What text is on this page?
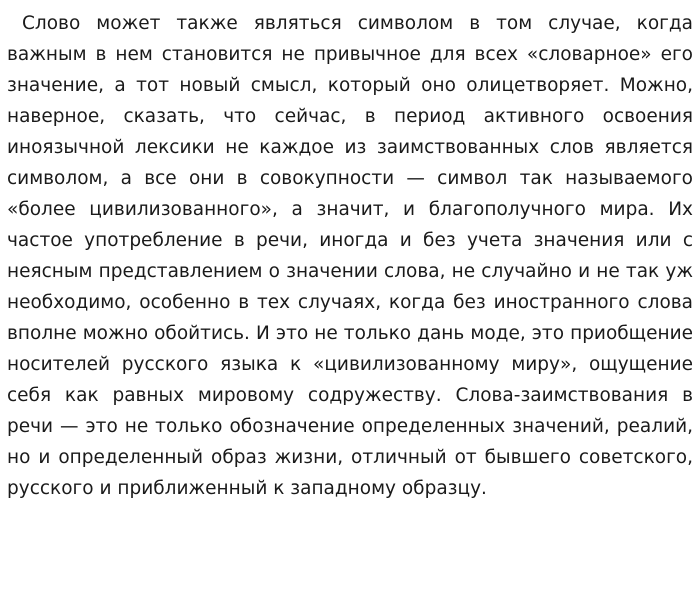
Слово может также являться символом в том случае, когда важным в нем становится не привычное для всех «словарное» его значение, а тот новый смысл, который оно олицетворяет. Можно, наверное, сказать, что сейчас, в период активного освоения иноязычной лексики не каждое из заимствованных слов является символом, а все они в совокупности — символ так называемого «более цивилизованного», а значит, и благополучного мира. Их частое употребление в речи, иногда и без учета значения или с неясным представлением о значении слова, не случайно и не так уж необходимо, особенно в тех случаях, когда без иностранного слова вполне можно обойтись. И это не только дань моде, это приобщение носителей русского языка к «цивилизованному миру», ощущение себя как равных мировому содружеству. Слова-заимствования в речи — это не только обозначение определенных значений, реалий, но и определенный образ жизни, отличный от бывшего советского, русского и приближенный к западному образцу.
